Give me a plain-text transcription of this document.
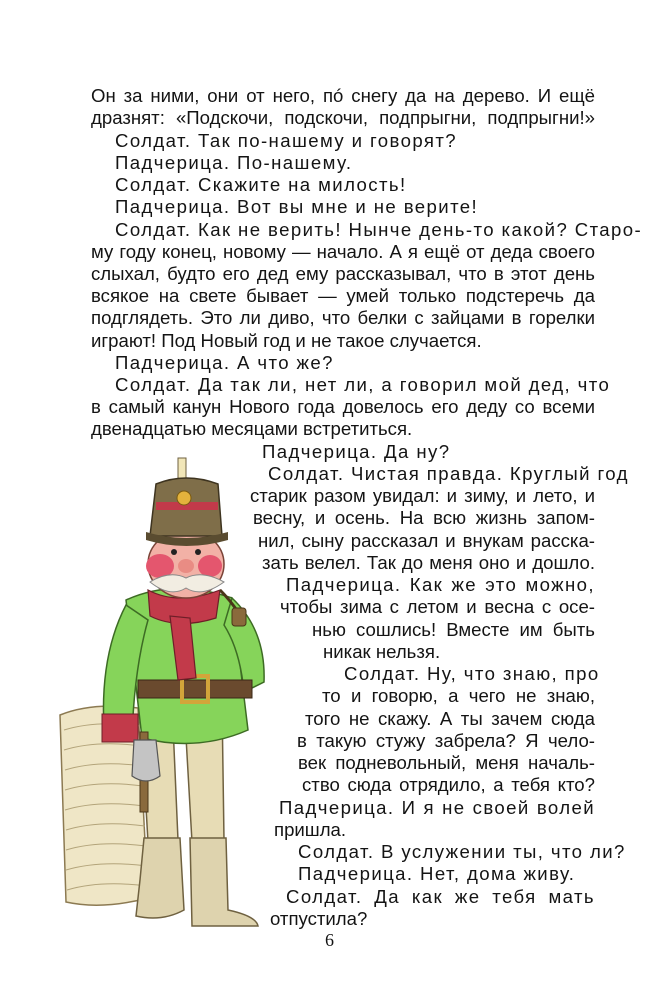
Он за ними, они от него, пó снегу да на дерево. И ещё
дразнят: «Подскочи, подскочи, подпрыгни, подпрыгни!»
Солдат. Так по-нашему и говорят?
Падчерица. По-нашему.
Солдат. Скажите на милость!
Падчерица. Вот вы мне и не верите!
Солдат. Как не верить! Нынче день-то какой? Старо-
му году конец, новому — начало. А я ещё от деда своего
слыхал, будто его дед ему рассказывал, что в этот день
всякое на свете бывает — умей только подстеречь да
подглядеть. Это ли диво, что белки с зайцами в горелки
играют! Под Новый год и не такое случается.
Падчерица. А что же?
Солдат. Да так ли, нет ли, а говорил мой дед, что
в самый канун Нового года довелось его деду со всеми
двенадцатью месяцами встретиться.
Падчерица. Да ну?
Солдат. Чистая правда. Круглый год
старик разом увидал: и зиму, и лето, и
весну, и осень. На всю жизнь запом-
нил, сыну рассказал и внукам расска-
зать велел. Так до меня оно и дошло.
Падчерица. Как же это можно,
чтобы зима с летом и весна с осе-
нью сошлись! Вместе им быть
никак нельзя.
Солдат. Ну, что знаю, про
то и говорю, а чего не знаю,
того не скажу. А ты зачем сюда
в такую стужу забрела? Я чело-
век подневольный, меня началь-
ство сюда отрядило, а тебя кто?
Падчерица. И я не своей волей
пришла.
Солдат. В услужении ты, что ли?
Падчерица. Нет, дома живу.
Солдат. Да как же тебя мать
отпустила?
6
